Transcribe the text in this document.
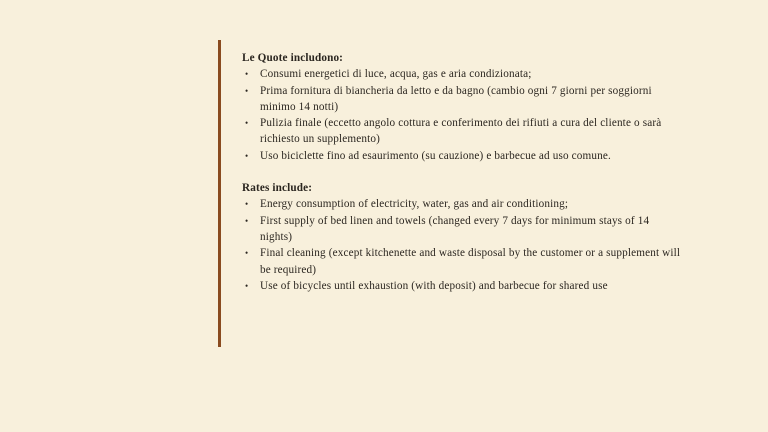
Le Quote includono:

• Consumi energetici di luce, acqua, gas e aria condizionata;
• Prima fornitura di biancheria da letto e da bagno (cambio ogni 7 giorni per soggiorni minimo 14 notti)
• Pulizia finale (eccetto angolo cottura e conferimento dei rifiuti a cura del cliente o sarà richiesto un supplemento)
• Uso biciclette fino ad esaurimento (su cauzione) e barbecue ad uso comune.

Rates include:

• Energy consumption of electricity, water, gas and air conditioning;
• First supply of bed linen and towels (changed every 7 days for minimum stays of 14 nights)
• Final cleaning (except kitchenette and waste disposal by the customer or a supplement will be required)
• Use of bicycles until exhaustion (with deposit) and barbecue for shared use
